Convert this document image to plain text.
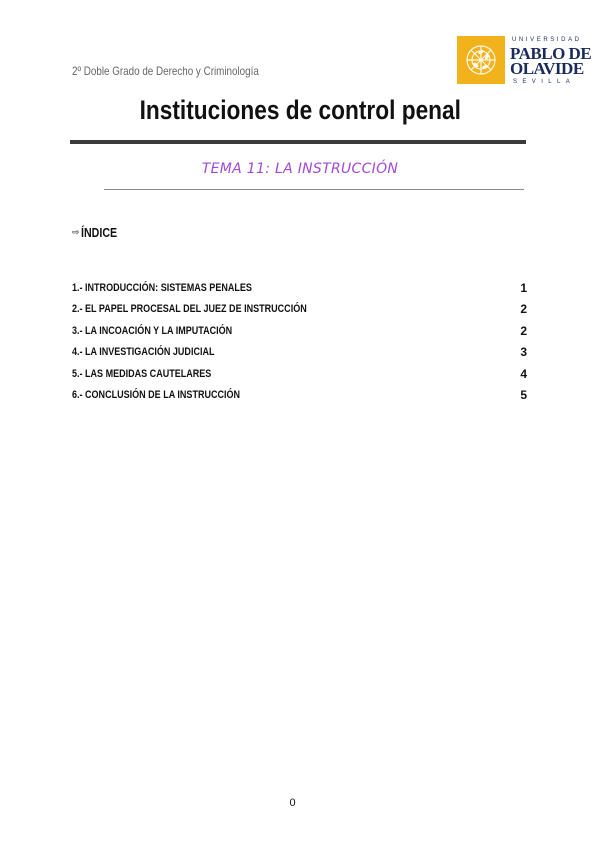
2º Doble Grado de Derecho y Criminología
UNIVERSIDAD
PABLO DE
OLAVIDE
SEVILLA
Instituciones de control penal
TEMA 11: LA INSTRUCCIÓN
⇨ ÍNDICE
1.- INTRODUCCIÓN: SISTEMAS PENALES	1
2.- EL PAPEL PROCESAL DEL JUEZ DE INSTRUCCIÓN	2
3.- LA INCOACIÓN Y LA IMPUTACIÓN	2
4.- LA INVESTIGACIÓN JUDICIAL	3
5.- LAS MEDIDAS CAUTELARES	4
6.- CONCLUSIÓN DE LA INSTRUCCIÓN	5
0
